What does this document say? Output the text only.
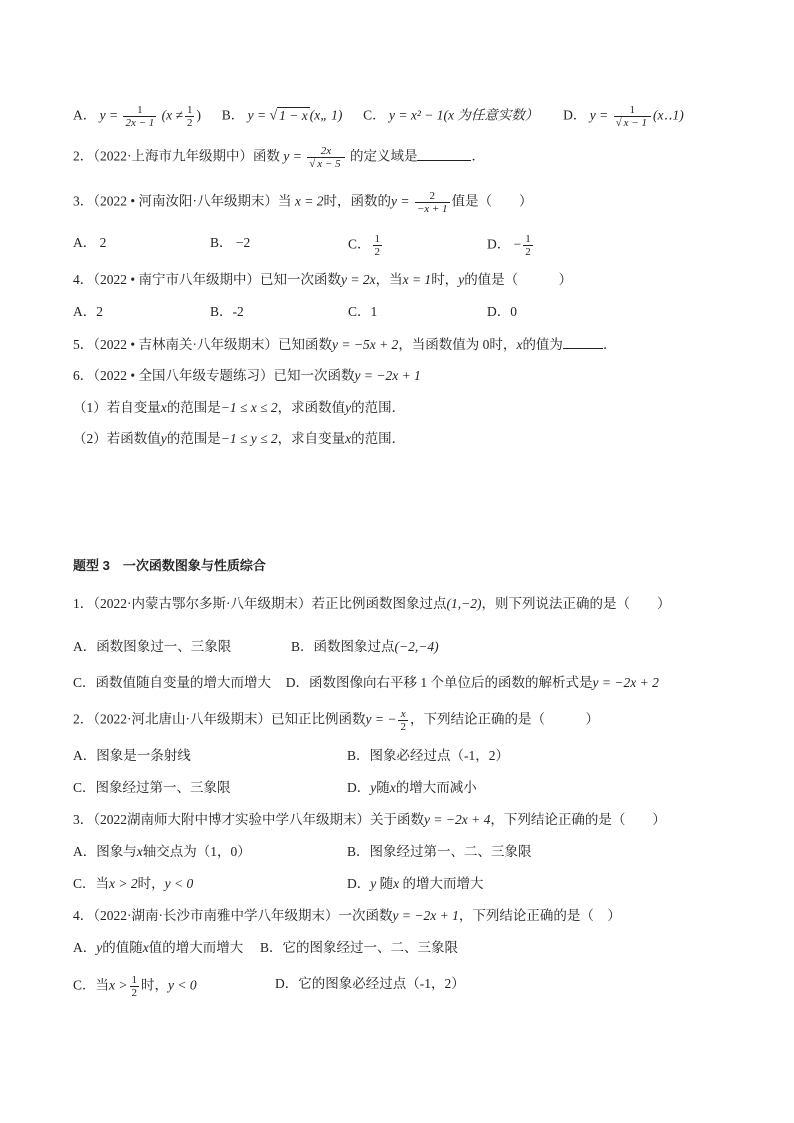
A． $y = \frac{1}{2x - 1} (x \ne \frac{1}{2}$ ) B． y = √ 1 − x (x„ 1) C． y = x² − 1(x 为任意实数） D． $y = \frac{1}{√ x - 1}$ (x‥1)
2．（2022·上海市九年级期中）函数 $y = \frac{2x}{√ x - 5}$ 的定义域是	．
3．（2022 • 河南汝阳·八年级期末）当 x = 2时，函数的$y = \frac{2}{-x + 1}$ 值是（　　）
A． 2	B． −2	C． $\frac{1}{2}$	D． − $\frac{1}{2}$
4．（2022 • 南宁市八年级期中）已知一次函数y = 2x，当x = 1时，y的值是（　　　）
A．2	B．-2	C．1	D．0
5．（2022 • 吉林南关·八年级期末）已知函数y = −5x + 2，当函数值为 0时，x的值为	．
6．（2022 • 全国八年级专题练习）已知一次函数y = −2x + 1
（1）若自变量x的范围是−1 ≤ x ≤ 2，求函数值y的范围．
（2）若函数值y的范围是−1 ≤ y ≤ 2，求自变量x的范围．
题型 3　一次函数图象与性质综合
1．（2022·内蒙古鄂尔多斯·八年级期末）若正比例函数图象过点(1,−2)，则下列说法正确的是（　　）
A．函数图象过一、三象限	B．函数图象过点(−2,−4)
C．函数值随自变量的增大而增大 D．函数图像向右平移 1 个单位后的函数的解析式是y = −2x + 2
2．（2022·河北唐山·八年级期末）已知正比例函数y = − $\frac{x}{2}$ ，下列结论正确的是（　　　）
A．图象是一条射线	B．图象必经过点（-1，2）
C．图象经过第一、三象限	D．y随x的增大而减小
3．（2022湖南师大附中博才实验中学八年级期末）关于函数y = −2x + 4，下列结论正确的是（　　）
A．图象与x轴交点为（1，0）	B．图象经过第一、二、三象限
C．当x > 2时，y < 0	D．y 随x 的增大而增大
4．（2022·湖南·长沙市南雅中学八年级期末）一次函数y = −2x + 1，下列结论正确的是（　）
A．y的值随x值的增大而增大 B．它的图象经过一、二、三象限
C．当$x > \frac{1}{2}$ 时，y < 0	D．它的图象必经过点（-1，2）
